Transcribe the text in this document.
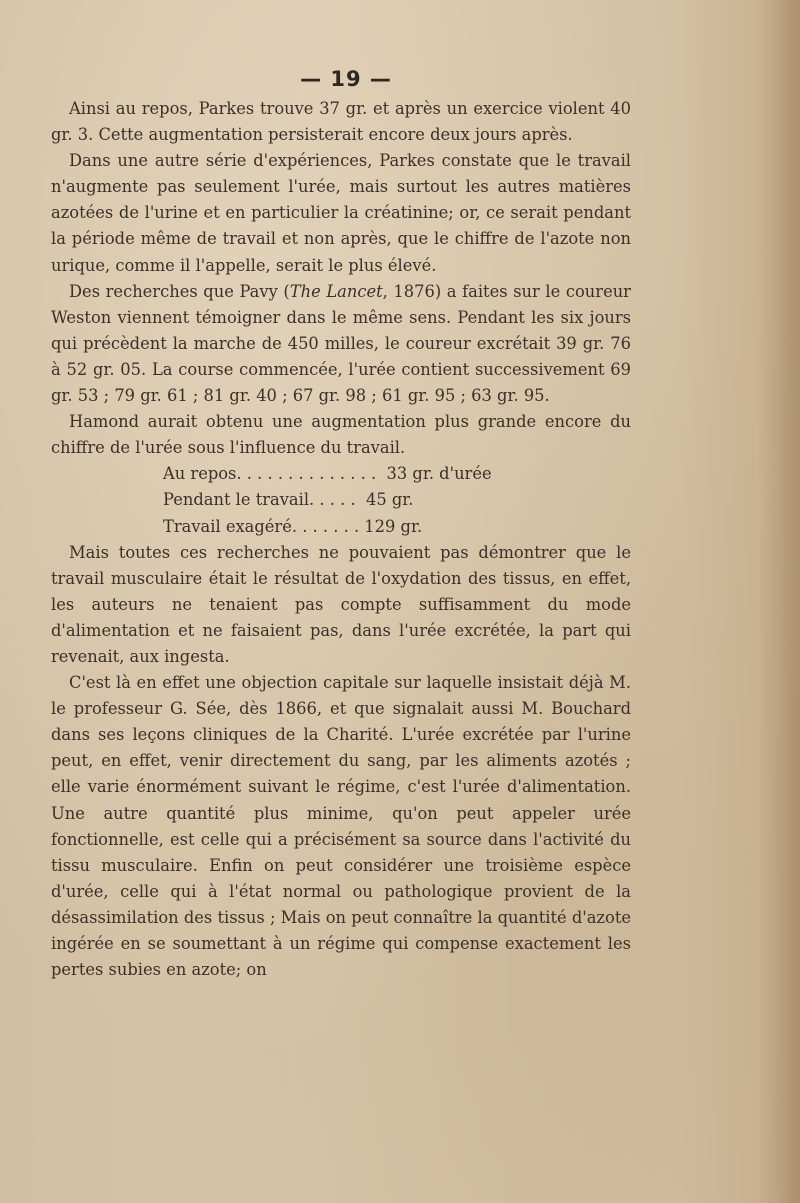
— 19 —

Ainsi au repos, Parkes trouve 37 gr. et après un exercice violent 40 gr. 3. Cette augmentation persisterait encore deux jours après.

Dans une autre série d'expériences, Parkes constate que le travail n'augmente pas seulement l'urée, mais surtout les autres matières azotées de l'urine et en particulier la créatinine; or, ce serait pendant la période même de travail et non après, que le chiffre de l'azote non urique, comme il l'appelle, serait le plus élevé.

Des recherches que Pavy (The Lancet, 1876) a faites sur le coureur Weston viennent témoigner dans le même sens. Pendant les six jours qui précèdent la marche de 450 milles, le coureur excrétait 39 gr. 76 à 52 gr. 05. La course commencée, l'urée contient successivement 69 gr. 53 ; 79 gr. 61 ; 81 gr. 40 ; 67 gr. 98 ; 61 gr. 95 ; 63 gr. 95.

Hamond aurait obtenu une augmentation plus grande encore du chiffre de l'urée sous l'influence du travail.

Au repos. . . . . . . . . . . . . .  33 gr. d'urée
Pendant le travail. . . . .  45 gr.
Travail exagéré. . . . . . . 129 gr.

Mais toutes ces recherches ne pouvaient pas démontrer que le travail musculaire était le résultat de l'oxydation des tissus, en effet, les auteurs ne tenaient pas compte suffisamment du mode d'alimentation et ne faisaient pas, dans l'urée excrétée, la part qui revenait, aux ingesta.

C'est là en effet une objection capitale sur laquelle insistait déjà M. le professeur G. Sée, dès 1866, et que signalait aussi M. Bouchard dans ses leçons cliniques de la Charité. L'urée excrétée par l'urine peut, en effet, venir directement du sang, par les aliments azotés ; elle varie énormément suivant le régime, c'est l'urée d'alimentation. Une autre quantité plus minime, qu'on peut appeler urée fonctionnelle, est celle qui a précisément sa source dans l'activité du tissu musculaire. Enfin on peut considérer une troisième espèce d'urée, celle qui à l'état normal ou pathologique provient de la désassimilation des tissus ; Mais on peut connaître la quantité d'azote ingérée en se soumettant à un régime qui compense exactement les pertes subies en azote; on
